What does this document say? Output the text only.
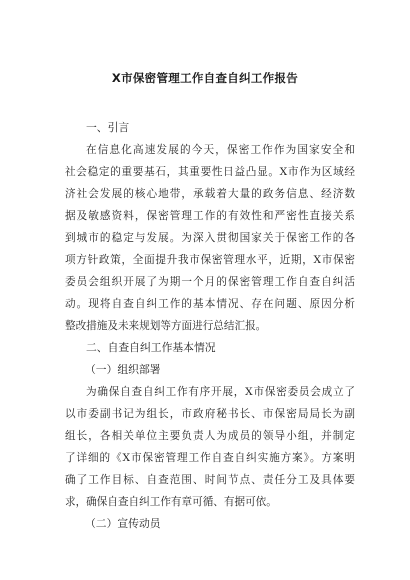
X市保密管理工作自查自纠工作报告
一、引言
在信息化高速发展的今天，保密工作作为国家安全和
社会稳定的重要基石，其重要性日益凸显。X市作为区域经
济社会发展的核心地带，承载着大量的政务信息、经济数
据及敏感资料，保密管理工作的有效性和严密性直接关系
到城市的稳定与发展。为深入贯彻国家关于保密工作的各
项方针政策，全面提升我市保密管理水平，近期，X市保密
委员会组织开展了为期一个月的保密管理工作自查自纠活
动。现将自查自纠工作的基本情况、存在问题、原因分析
整改措施及未来规划等方面进行总结汇报。
二、自查自纠工作基本情况
（一）组织部署
为确保自查自纠工作有序开展，X市保密委员会成立了
以市委副书记为组长，市政府秘书长、市保密局局长为副
组长，各相关单位主要负责人为成员的领导小组，并制定
了详细的《X市保密管理工作自查自纠实施方案》。方案明
确了工作目标、自查范围、时间节点、责任分工及具体要
求，确保自查自纠工作有章可循、有据可依。
（二）宣传动员
